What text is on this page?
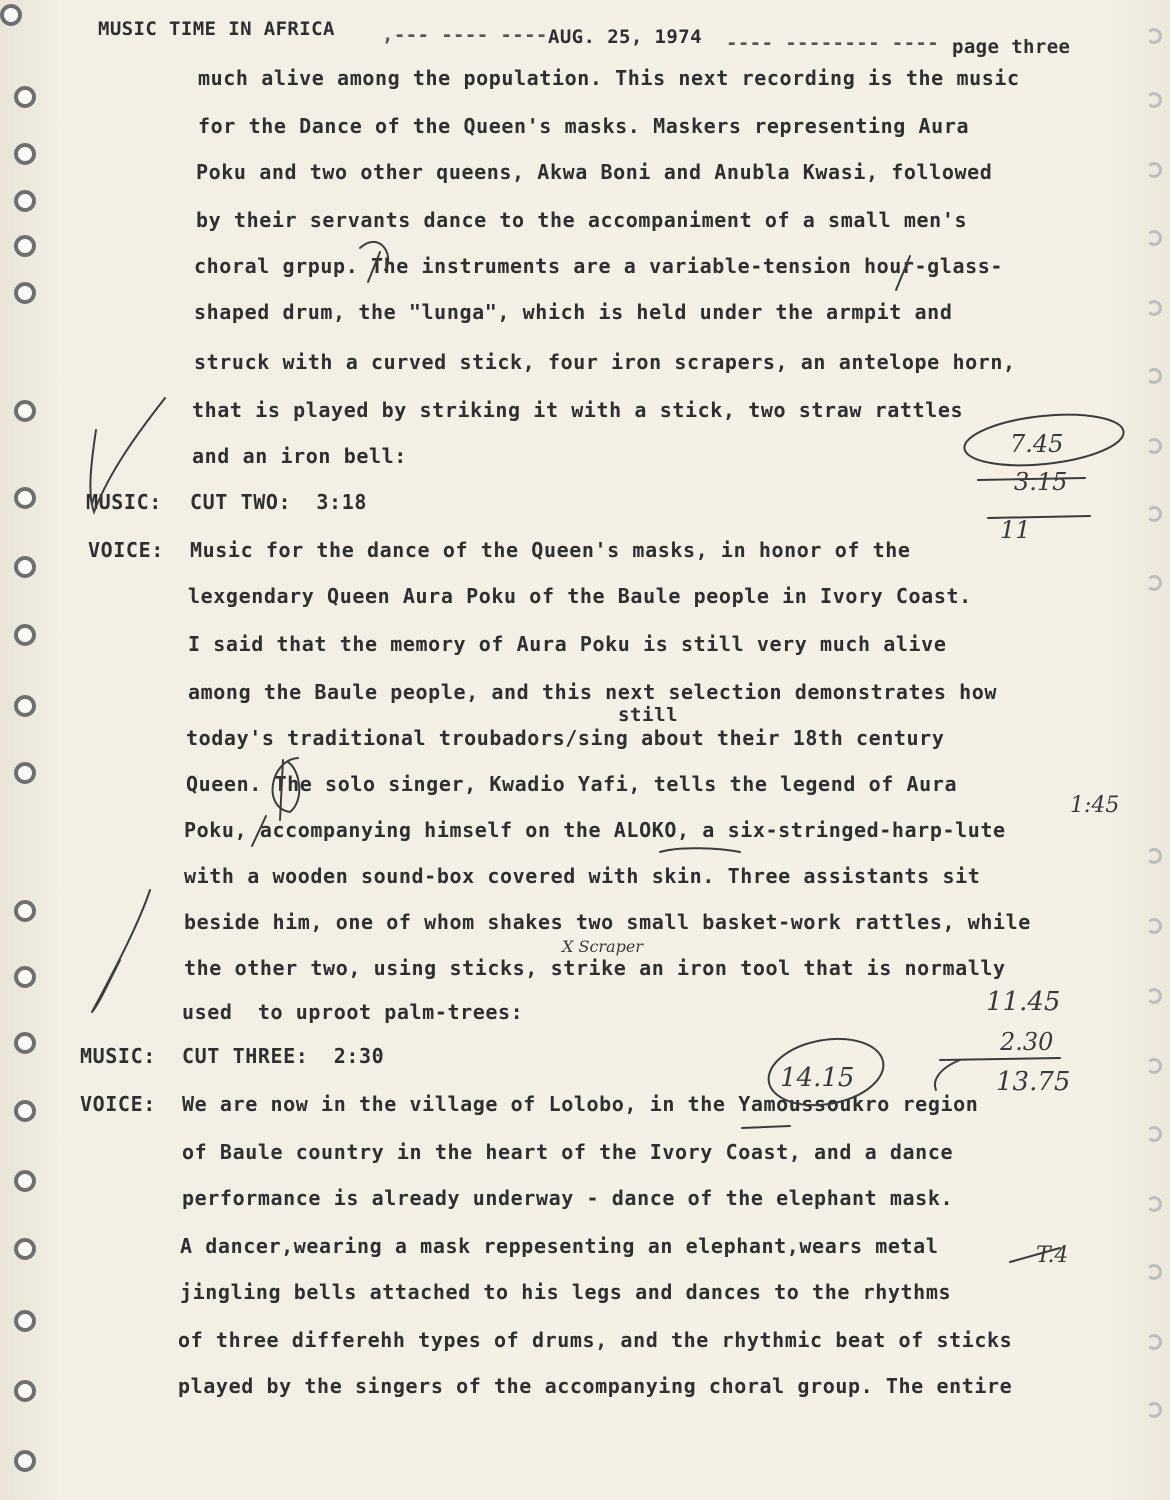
MUSIC TIME IN AFRICA ,--- ---- ---- AUG. 25, 1974 ---- -------- ---- page three
much alive among the population. This next recording is the music
for the Dance of the Queen's masks. Maskers representing Aura
Poku and two other queens, Akwa Boni and Anubla Kwasi, followed
by their servants dance to the accompaniment of a small men's
choral grpup. The instruments are a variable-tension hour-glass-
shaped drum, the "lunga", which is held under the armpit and
struck with a curved stick, four iron scrapers, an antelope horn,
that is played by striking it with a stick, two straw rattles
and an iron bell:
MUSIC: CUT TWO:  3:18
VOICE: Music for the dance of the Queen's masks, in honor of the
lexgendary Queen Aura Poku of the Baule people in Ivory Coast.
I said that the memory of Aura Poku is still very much alive
among the Baule people, and this next selection demonstrates how
still
today's traditional troubadors/sing about their 18th century
Queen. The solo singer, Kwadio Yafi, tells the legend of Aura
Poku, accompanying himself on the ALOKO, a six-stringed-harp-lute
with a wooden sound-box covered with skin. Three assistants sit
beside him, one of whom shakes two small basket-work rattles, while
the other two, using sticks, strike an iron tool that is normally
used  to uproot palm-trees:
MUSIC: CUT THREE:  2:30
VOICE: We are now in the village of Lolobo, in the Yamoussoukro region
of Baule country in the heart of the Ivory Coast, and a dance
performance is already underway - dance of the elephant mask.
A dancer,wearing a mask reppesenting an elephant,wears metal
jingling bells attached to his legs and dances to the rhythms
of three differehh types of drums, and the rhythmic beat of sticks
played by the singers of the accompanying choral group. The entire
7.45
3.15
11
1:45
11.45
2.30
13.75
14.15
T.4
X Scraper
